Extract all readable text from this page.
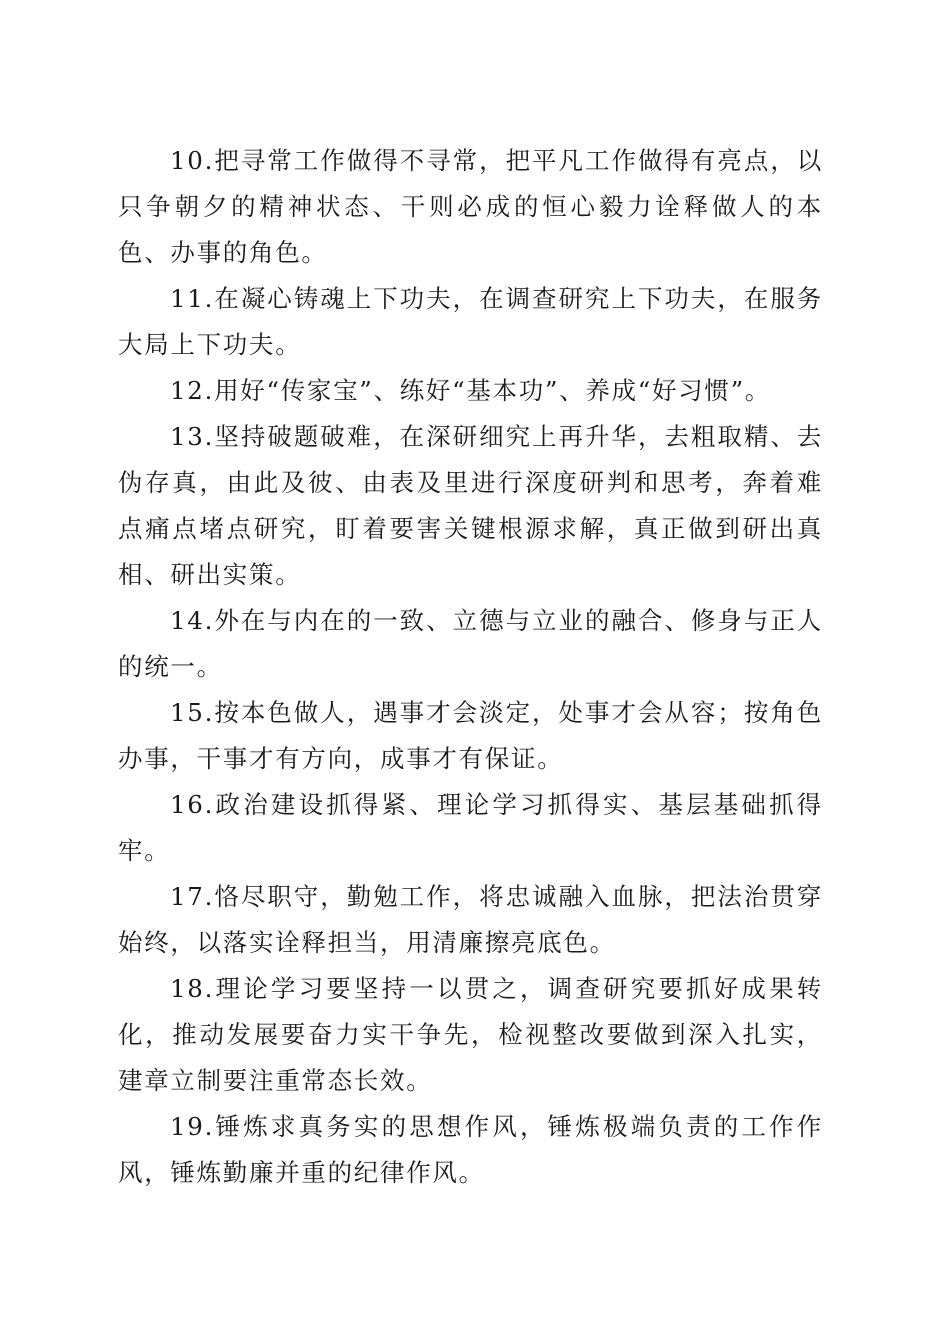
10.把寻常工作做得不寻常，把平凡工作做得有亮点，以只争朝夕的精神状态、干则必成的恒心毅力诠释做人的本色、办事的角色。

11.在凝心铸魂上下功夫，在调查研究上下功夫，在服务大局上下功夫。

12.用好“传家宝”、练好“基本功”、养成“好习惯”。

13.坚持破题破难，在深研细究上再升华，去粗取精、去伪存真，由此及彼、由表及里进行深度研判和思考，奔着难点痛点堵点研究，盯着要害关键根源求解，真正做到研出真相、研出实策。

14.外在与内在的一致、立德与立业的融合、修身与正人的统一。

15.按本色做人，遇事才会淡定，处事才会从容；按角色办事，干事才有方向，成事才有保证。

16.政治建设抓得紧、理论学习抓得实、基层基础抓得牢。

17.恪尽职守，勤勉工作，将忠诚融入血脉，把法治贯穿始终，以落实诠释担当，用清廉擦亮底色。

18.理论学习要坚持一以贯之，调查研究要抓好成果转化，推动发展要奋力实干争先，检视整改要做到深入扎实，建章立制要注重常态长效。

19.锤炼求真务实的思想作风，锤炼极端负责的工作作风，锤炼勤廉并重的纪律作风。
